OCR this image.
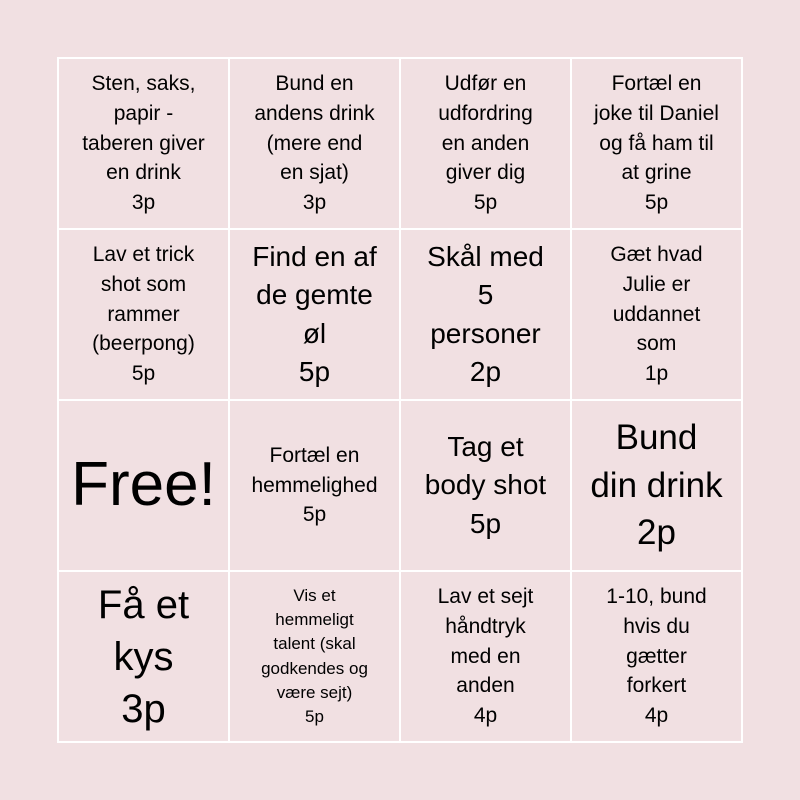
Sten, saks,
papir -
taberen giver
en drink
3p
Bund en
andens drink
(mere end
en sjat)
3p
Udfør en
udfordring
en anden
giver dig
5p
Fortæl en
joke til Daniel
og få ham til
at grine
5p
Lav et trick
shot som
rammer
(beerpong)
5p
Find en af
de gemte
øl
5p
Skål med
5
personer
2p
Gæt hvad
Julie er
uddannet
som
1p
Free!	Fortæl en
hemmelighed
5p
Tag et
body shot
5p
Bund
din drink
2p
Få et
kys
3p
Vis et
hemmeligt
talent (skal
godkendes og
være sejt)
5p
Lav et sejt
håndtryk
med en
anden
4p
1-10, bund
hvis du
gætter
forkert
4p
